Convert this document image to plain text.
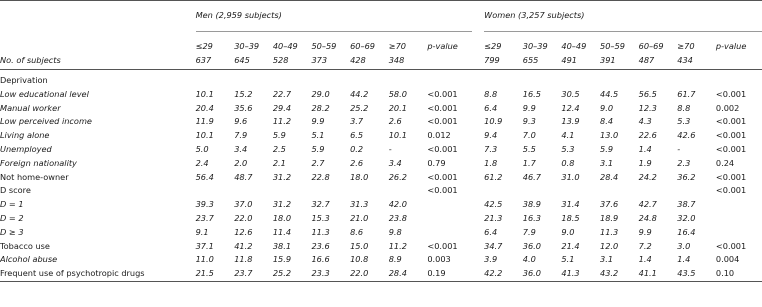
	Men (2,959 subjects)								Women (3,257 subjects)						
	≤29	30–39	40–49	50–59	60–69	≥70	p-value		≤29	30–39	40–49	50–59	60–69	≥70	p-value
No. of subjects	637	645	528	373	428	348			799	655	491	391	487	434	

Deprivation															
Low educational level	10.1	15.2	22.7	29.0	44.2	58.0	<0.001		8.8	16.5	30.5	44.5	56.5	61.7	<0.001
Manual worker	20.4	35.6	29.4	28.2	25.2	20.1	<0.001		6.4	9.9	12.4	9.0	12.3	8.8	0.002
Low perceived income	11.9	9.6	11.2	9.9	3.7	2.6	<0.001		10.9	9.3	13.9	8.4	4.3	5.3	<0.001
Living alone	10.1	7.9	5.9	5.1	6.5	10.1	0.012		9.4	7.0	4.1	13.0	22.6	42.6	<0.001
Unemployed	5.0	3.4	2.5	5.9	0.2	-	<0.001		7.3	5.5	5.3	5.9	1.4	-	<0.001
Foreign nationality	2.4	2.0	2.1	2.7	2.6	3.4	0.79		1.8	1.7	0.8	3.1	1.9	2.3	0.24
Not home-owner	56.4	48.7	31.2	22.8	18.0	26.2	<0.001		61.2	46.7	31.0	28.4	24.2	36.2	<0.001
D score							<0.001								<0.001
D = 1	39.3	37.0	31.2	32.7	31.3	42.0			42.5	38.9	31.4	37.6	42.7	38.7	
D = 2	23.7	22.0	18.0	15.3	21.0	23.8			21.3	16.3	18.5	18.9	24.8	32.0	
D ≥ 3	9.1	12.6	11.4	11.3	8.6	9.8			6.4	7.9	9.0	11.3	9.9	16.4	
Tobacco use	37.1	41.2	38.1	23.6	15.0	11.2	<0.001		34.7	36.0	21.4	12.0	7.2	3.0	<0.001
Alcohol abuse	11.0	11.8	15.9	16.6	10.8	8.9	0.003		3.9	4.0	5.1	3.1	1.4	1.4	0.004
Frequent use of psychotropic drugs	21.5	23.7	25.2	23.3	22.0	28.4	0.19		42.2	36.0	41.3	43.2	41.1	43.5	0.10
